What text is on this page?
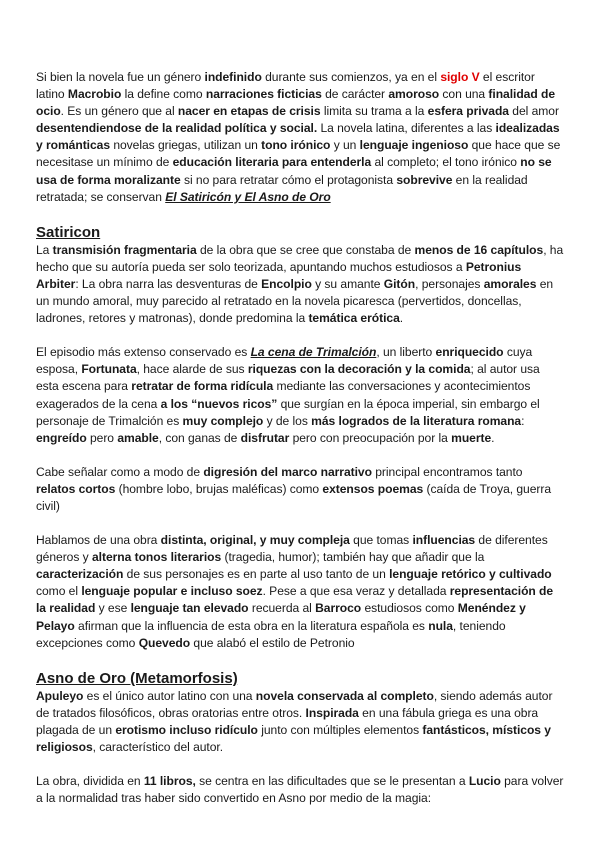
Si bien la novela fue un género indefinido durante sus comienzos, ya en el siglo V el escritor latino Macrobio la define como narraciones ficticias de carácter amoroso con una finalidad de ocio. Es un género que al nacer en etapas de crisis limita su trama a la esfera privada del amor desentendiendose de la realidad política y social. La novela latina, diferentes a las idealizadas y románticas novelas griegas, utilizan un tono irónico y un lenguaje ingenioso que hace que se necesitase un mínimo de educación literaria para entenderla al completo; el tono irónico no se usa de forma moralizante si no para retratar cómo el protagonista sobrevive en la realidad retratada; se conservan El Satiricón y El Asno de Oro

Satiricon

La transmisión fragmentaria de la obra que se cree que constaba de menos de 16 capítulos, ha hecho que su autoría pueda ser solo teorizada, apuntando muchos estudiosos a Petronius Arbiter: La obra narra las desventuras de Encolpio y su amante Gitón, personajes amorales en un mundo amoral, muy parecido al retratado en la novela picaresca (pervertidos, doncellas, ladrones, retores y matronas), donde predomina la temática erótica.

El episodio más extenso conservado es La cena de Trimalción, un liberto enriquecido cuya esposa, Fortunata, hace alarde de sus riquezas con la decoración y la comida; al autor usa esta escena para retratar de forma ridícula mediante las conversaciones y acontecimientos exagerados de la cena a los “nuevos ricos” que surgían en la época imperial, sin embargo el personaje de Trimalción es muy complejo y de los más logrados de la literatura romana: engreído pero amable, con ganas de disfrutar pero con preocupación por la muerte.

Cabe señalar como a modo de digresión del marco narrativo principal encontramos tanto relatos cortos (hombre lobo, brujas maléficas) como extensos poemas (caída de Troya, guerra civil)

Hablamos de una obra distinta, original, y muy compleja que tomas influencias de diferentes géneros y alterna tonos literarios (tragedia, humor); también hay que añadir que la caracterización de sus personajes es en parte al uso tanto de un lenguaje retórico y cultivado como el lenguaje popular e incluso soez. Pese a que esa veraz y detallada representación de la realidad y ese lenguaje tan elevado recuerda al Barroco estudiosos como Menéndez y Pelayo afirman que la influencia de esta obra en la literatura española es nula, teniendo excepciones como Quevedo que alabó el estilo de Petronio

Asno de Oro (Metamorfosis)

Apuleyo es el único autor latino con una novela conservada al completo, siendo además autor de tratados filosóficos, obras oratorias entre otros. Inspirada en una fábula griega es una obra plagada de un erotismo incluso ridículo junto con múltiples elementos fantásticos, místicos y religiosos, característico del autor.

La obra, dividida en 11 libros, se centra en las dificultades que se le presentan a Lucio para volver a la normalidad tras haber sido convertido en Asno por medio de la magia:
